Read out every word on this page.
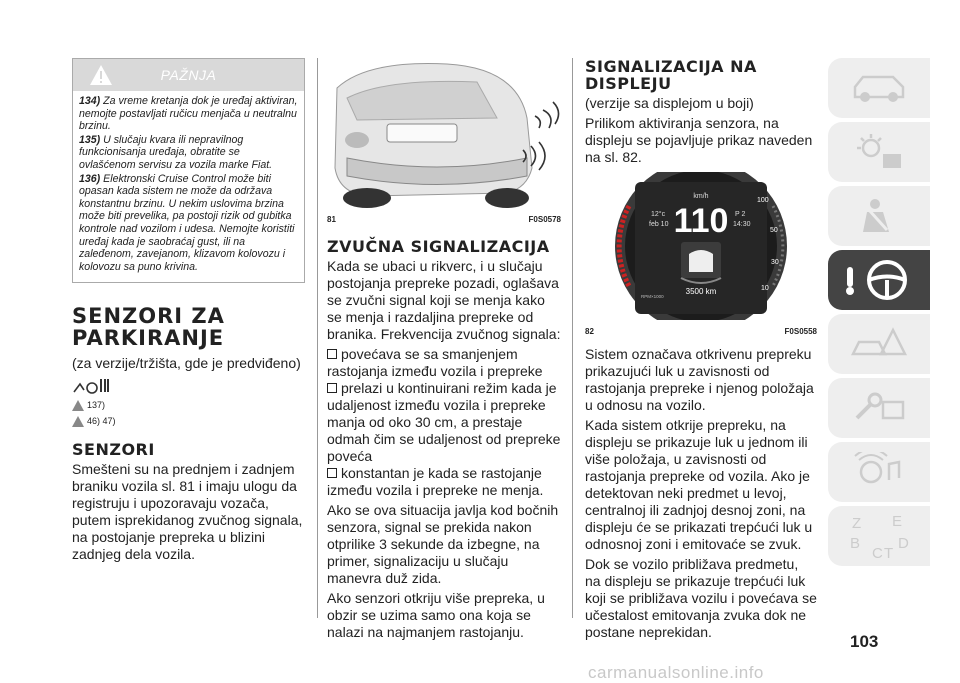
PAŽNJA

134) Za vreme kretanja dok je uređaj aktiviran, nemojte postavljati ručicu menjača u neutralnu brzinu.

135) U slučaju kvara ili nepravilnog funkcionisanja uređaja, obratite se ovlašćenom servisu za vozila marke Fiat.

136) Elektronski Cruise Control može biti opasan kada sistem ne može da održava konstantnu brzinu. U nekim uslovima brzina može biti prevelika, pa postoji rizik od gubitka kontrole nad vozilom i udesa. Nemojte koristiti uređaj kada je saobraćaj gust, ili na zaleđenom, zavejanom, klizavom kolovozu i kolovozu sa puno krivina.

SENZORI ZA PARKIRANJE
(za verzije/tržišta, gde je predviđeno)
137)
46) 47)
SENZORI
Smešteni su na prednjem i zadnjem braniku vozila sl. 81 i imaju ulogu da registruju i upozoravaju vozača, putem isprekidanog zvučnog signala, na postojanje prepreka u blizini zadnjeg dela vozila.
81	F0S0578
ZVUČNA SIGNALIZACIJA
Kada se ubaci u rikverc, i u slučaju postojanja prepreke pozadi, oglašava se zvučni signal koji se menja kako se menja i razdaljina prepreke od branika. Frekvencija zvučnog signala:
povećava se sa smanjenjem rastojanja između vozila i prepreke
prelazi u kontinuirani režim kada je udaljenost između vozila i prepreke manja od oko 30 cm, a prestaje odmah čim se udaljenost od prepreke poveća
konstantan je kada se rastojanje između vozila i prepreke ne menja.
Ako se ova situacija javlja kod bočnih senzora, signal se prekida nakon otprilike 3 sekunde da izbegne, na primer, signalizaciju u slučaju manevra duž zida.
Ako senzori otkriju više prepreka, u obzir se uzima samo ona koja se nalazi na najmanjem rastojanju.
SIGNALIZACIJA NA DISPLEJU
(verzije sa displejom u boji)
Prilikom aktiviranja senzora, na displeju se pojavljuje prikaz naveden na sl. 82.
km/h
110
12°c
feb 10
P 2
14:30
3500 km
RPM×1000
100
50
30
10
82	F0S0558
Sistem označava otkrivenu prepreku prikazujući luk u zavisnosti od rastojanja prepreke i njenog položaja u odnosu na vozilo.
Kada sistem otkrije prepreku, na displeju se prikazuje luk u jednom ili više položaja, u zavisnosti od rastojanja prepreke od vozila. Ako je detektovan neki predmet u levoj, centralnoj ili zadnjoj desnoj zoni, na displeju će se prikazati trepćući luk u odnosnoj zoni i emitovaće se zvuk.
Dok se vozilo približava predmetu, na displeju se prikazuje trepćući luk koji se približava vozilu i povećava se učestalost emitovanja zvuka dok ne postane neprekidan.
Z E
B
C T
D
103
carmanualsonline.info
